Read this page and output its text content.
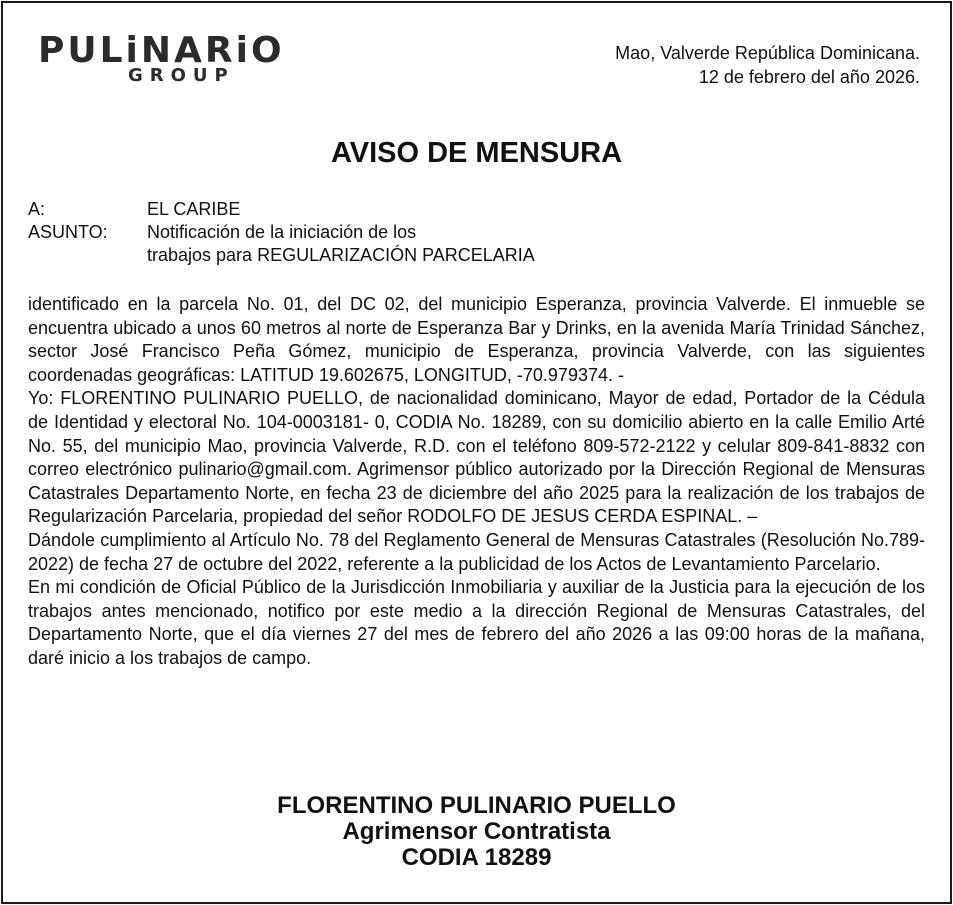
PULiNARiO
GROUP
Mao, Valverde República Dominicana.
12 de febrero del año 2026.
AVISO DE MENSURA
A:	EL CARIBE
ASUNTO:	Notificación de la iniciación de los
trabajos para REGULARIZACIÓN PARCELARIA

identificado en la parcela No. 01, del DC 02, del municipio Esperanza, provincia Valverde. El inmueble se encuentra ubicado a unos 60 metros al norte de Esperanza Bar y Drinks, en la avenida María Trinidad Sánchez, sector José Francisco Peña Gómez, municipio de Esperanza, provincia Valverde, con las siguientes coordenadas geográficas: LATITUD 19.602675, LONGITUD, -70.979374. -

Yo: FLORENTINO PULINARIO PUELLO, de nacionalidad dominicano, Mayor de edad, Portador de la Cédula de Identidad y electoral No. 104-0003181- 0, CODIA No. 18289, con su domicilio abierto en la calle Emilio Arté No. 55, del municipio Mao, provincia Valverde, R.D. con el teléfono 809-572-2122 y celular 809-841-8832 con correo electrónico pulinario@gmail.com. Agrimensor público autorizado por la Dirección Regional de Mensuras Catastrales Departamento Norte, en fecha 23 de diciembre del año 2025 para la realización de los trabajos de Regularización Parcelaria, propiedad del señor RODOLFO DE JESUS CERDA ESPINAL. –

Dándole cumplimiento al Artículo No. 78 del Reglamento General de Mensuras Catastrales (Resolución No.789-2022) de fecha 27 de octubre del 2022, referente a la publicidad de los Actos de Levantamiento Parcelario.

En mi condición de Oficial Público de la Jurisdicción Inmobiliaria y auxiliar de la Justicia para la ejecución de los trabajos antes mencionado, notifico por este medio a la dirección Regional de Mensuras Catastrales, del Departamento Norte, que el día viernes 27 del mes de febrero del año 2026 a las 09:00 horas de la mañana, daré inicio a los trabajos de campo.

FLORENTINO PULINARIO PUELLO
Agrimensor Contratista
CODIA 18289
